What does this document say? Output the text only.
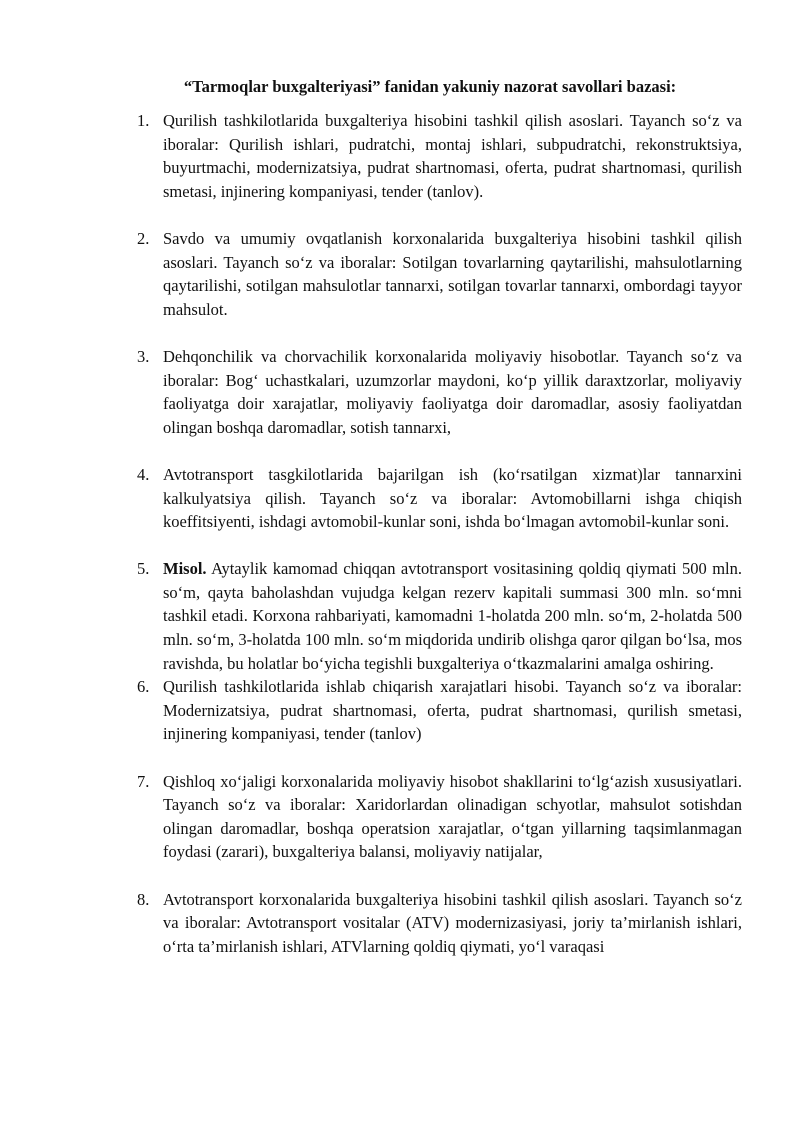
“Tarmoqlar buxgalteriyasi” fanidan yakuniy nazorat savollari bazasi:
1. Qurilish tashkilotlarida buxgalteriya hisobini tashkil qilish asoslari. Tayanch so‘z va iboralar: Qurilish ishlari, pudratchi, montaj ishlari, subpudratchi, rekonstruktsiya, buyurtmachi, modernizatsiya, pudrat shartnomasi, oferta, pudrat shartnomasi, qurilish smetasi, injinering kompaniyasi, tender (tanlov).
2. Savdo va umumiy ovqatlanish korxonalarida buxgalteriya hisobini tashkil qilish asoslari. Tayanch so‘z va iboralar: Sotilgan tovarlarning qaytarilishi, mahsulotlarning qaytarilishi, sotilgan mahsulotlar tannarxi, sotilgan tovarlar tannarxi, ombordagi tayyor mahsulot.
3. Dehqonchilik va chorvachilik korxonalarida moliyaviy hisobotlar. Tayanch so‘z va iboralar: Bog‘ uchastkalari, uzumzorlar maydoni, ko‘p yillik daraxtzorlar, moliyaviy faoliyatga doir xarajatlar, moliyaviy faoliyatga doir daromadlar, asosiy faoliyatdan olingan boshqa daromadlar, sotish tannarxi,
4. Avtotransport tasgkilotlarida bajarilgan ish (ko‘rsatilgan xizmat)lar tannarxini kalkulyatsiya qilish. Tayanch so‘z va iboralar: Avtomobillarni ishga chiqish koeffitsiyenti, ishdagi avtomobil-kunlar soni, ishda bo‘lmagan avtomobil-kunlar soni.
5. Misol. Aytaylik kamomad chiqqan avtotransport vositasining qoldiq qiymati 500 mln. so‘m, qayta baholashdan vujudga kelgan rezerv kapitali summasi 300 mln. so‘mni tashkil etadi. Korxona rahbariyati, kamomadni 1-holatda 200 mln. so‘m, 2-holatda 500 mln. so‘m, 3-holatda 100 mln. so‘m miqdorida undirib olishga qaror qilgan bo‘lsa, mos ravishda, bu holatlar bo‘yicha tegishli buxgalteriya o‘tkazmalarini amalga oshiring.
6. Qurilish tashkilotlarida ishlab chiqarish xarajatlari hisobi. Tayanch so‘z va iboralar: Modernizatsiya, pudrat shartnomasi, oferta, pudrat shartnomasi, qurilish smetasi, injinering kompaniyasi, tender (tanlov)
7. Qishloq xo‘jaligi korxonalarida moliyaviy hisobot shakllarini to‘lg‘azish xususiyatlari. Tayanch so‘z va iboralar: Xaridorlardan olinadigan schyotlar, mahsulot sotishdan olingan daromadlar, boshqa operatsion xarajatlar, o‘tgan yillarning taqsimlanmagan foydasi (zarari), buxgalteriya balansi, moliyaviy natijalar,
8. Avtotransport korxonalarida buxgalteriya hisobini tashkil qilish asoslari. Tayanch so‘z va iboralar: Avtotransport vositalar (ATV) modernizasiyasi, joriy ta’mirlanish ishlari, o‘rta ta’mirlanish ishlari, ATVlarning qoldiq qiymati, yo‘l varaqasi
